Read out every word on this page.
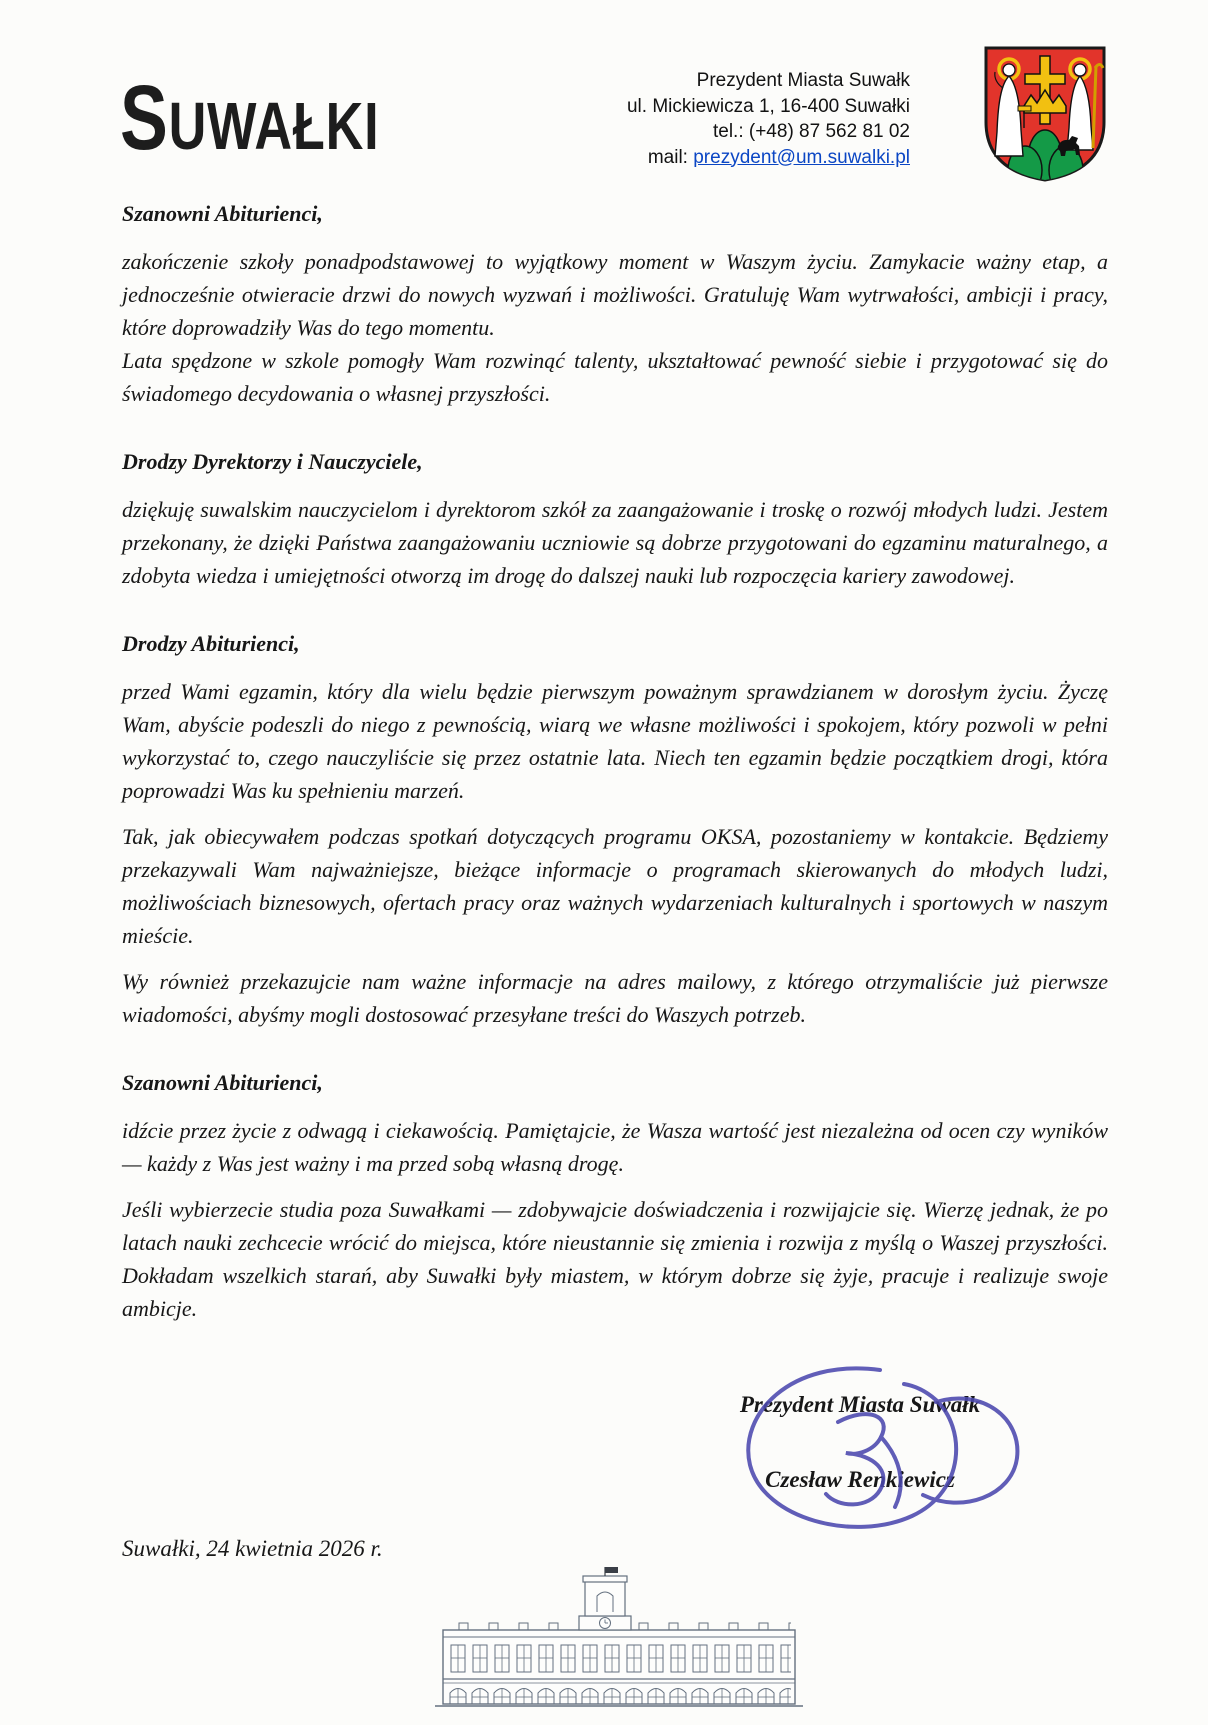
S UWAŁKI
Prezydent Miasta Suwałk
ul. Mickiewicza 1, 16-400 Suwałki
tel.: (+48) 87 562 81 02
mail: prezydent@um.suwalki.pl
Szanowni Abiturienci,

zakończenie szkoły ponadpodstawowej to wyjątkowy moment w Waszym życiu. Zamykacie ważny etap, a jednocześnie otwieracie drzwi do nowych wyzwań i możliwości. Gratuluję Wam wytrwałości, ambicji i pracy, które doprowadziły Was do tego momentu.

Lata spędzone w szkole pomogły Wam rozwinąć talenty, ukształtować pewność siebie i przygotować się do świadomego decydowania o własnej przyszłości.

Drodzy Dyrektorzy i Nauczyciele,

dziękuję suwalskim nauczycielom i dyrektorom szkół za zaangażowanie i troskę o rozwój młodych ludzi. Jestem przekonany, że dzięki Państwa zaangażowaniu uczniowie są dobrze przygotowani do egzaminu maturalnego, a zdobyta wiedza i umiejętności otworzą im drogę do dalszej nauki lub rozpoczęcia kariery zawodowej.

Drodzy Abiturienci,

przed Wami egzamin, który dla wielu będzie pierwszym poważnym sprawdzianem w dorosłym życiu. Życzę Wam, abyście podeszli do niego z pewnością, wiarą we własne możliwości i spokojem, który pozwoli w pełni wykorzystać to, czego nauczyliście się przez ostatnie lata. Niech ten egzamin będzie początkiem drogi, która poprowadzi Was ku spełnieniu marzeń.

Tak, jak obiecywałem podczas spotkań dotyczących programu OKSA, pozostaniemy w kontakcie. Będziemy przekazywali Wam najważniejsze, bieżące informacje o programach skierowanych do młodych ludzi, możliwościach biznesowych, ofertach pracy oraz ważnych wydarzeniach kulturalnych i sportowych w naszym mieście.

Wy również przekazujcie nam ważne informacje na adres mailowy, z którego otrzymaliście już pierwsze wiadomości, abyśmy mogli dostosować przesyłane treści do Waszych potrzeb.

Szanowni Abiturienci,

idźcie przez życie z odwagą i ciekawością. Pamiętajcie, że Wasza wartość jest niezależna od ocen czy wyników — każdy z Was jest ważny i ma przed sobą własną drogę.

Jeśli wybierzecie studia poza Suwałkami — zdobywajcie doświadczenia i rozwijajcie się. Wierzę jednak, że po latach nauki zechcecie wrócić do miejsca, które nieustannie się zmienia i rozwija z myślą o Waszej przyszłości. Dokładam wszelkich starań, aby Suwałki były miastem, w którym dobrze się żyje, pracuje i realizuje swoje ambicje.

Prezydent Miasta Suwałk
Czesław Renkiewicz
Suwałki, 24 kwietnia 2026 r.
